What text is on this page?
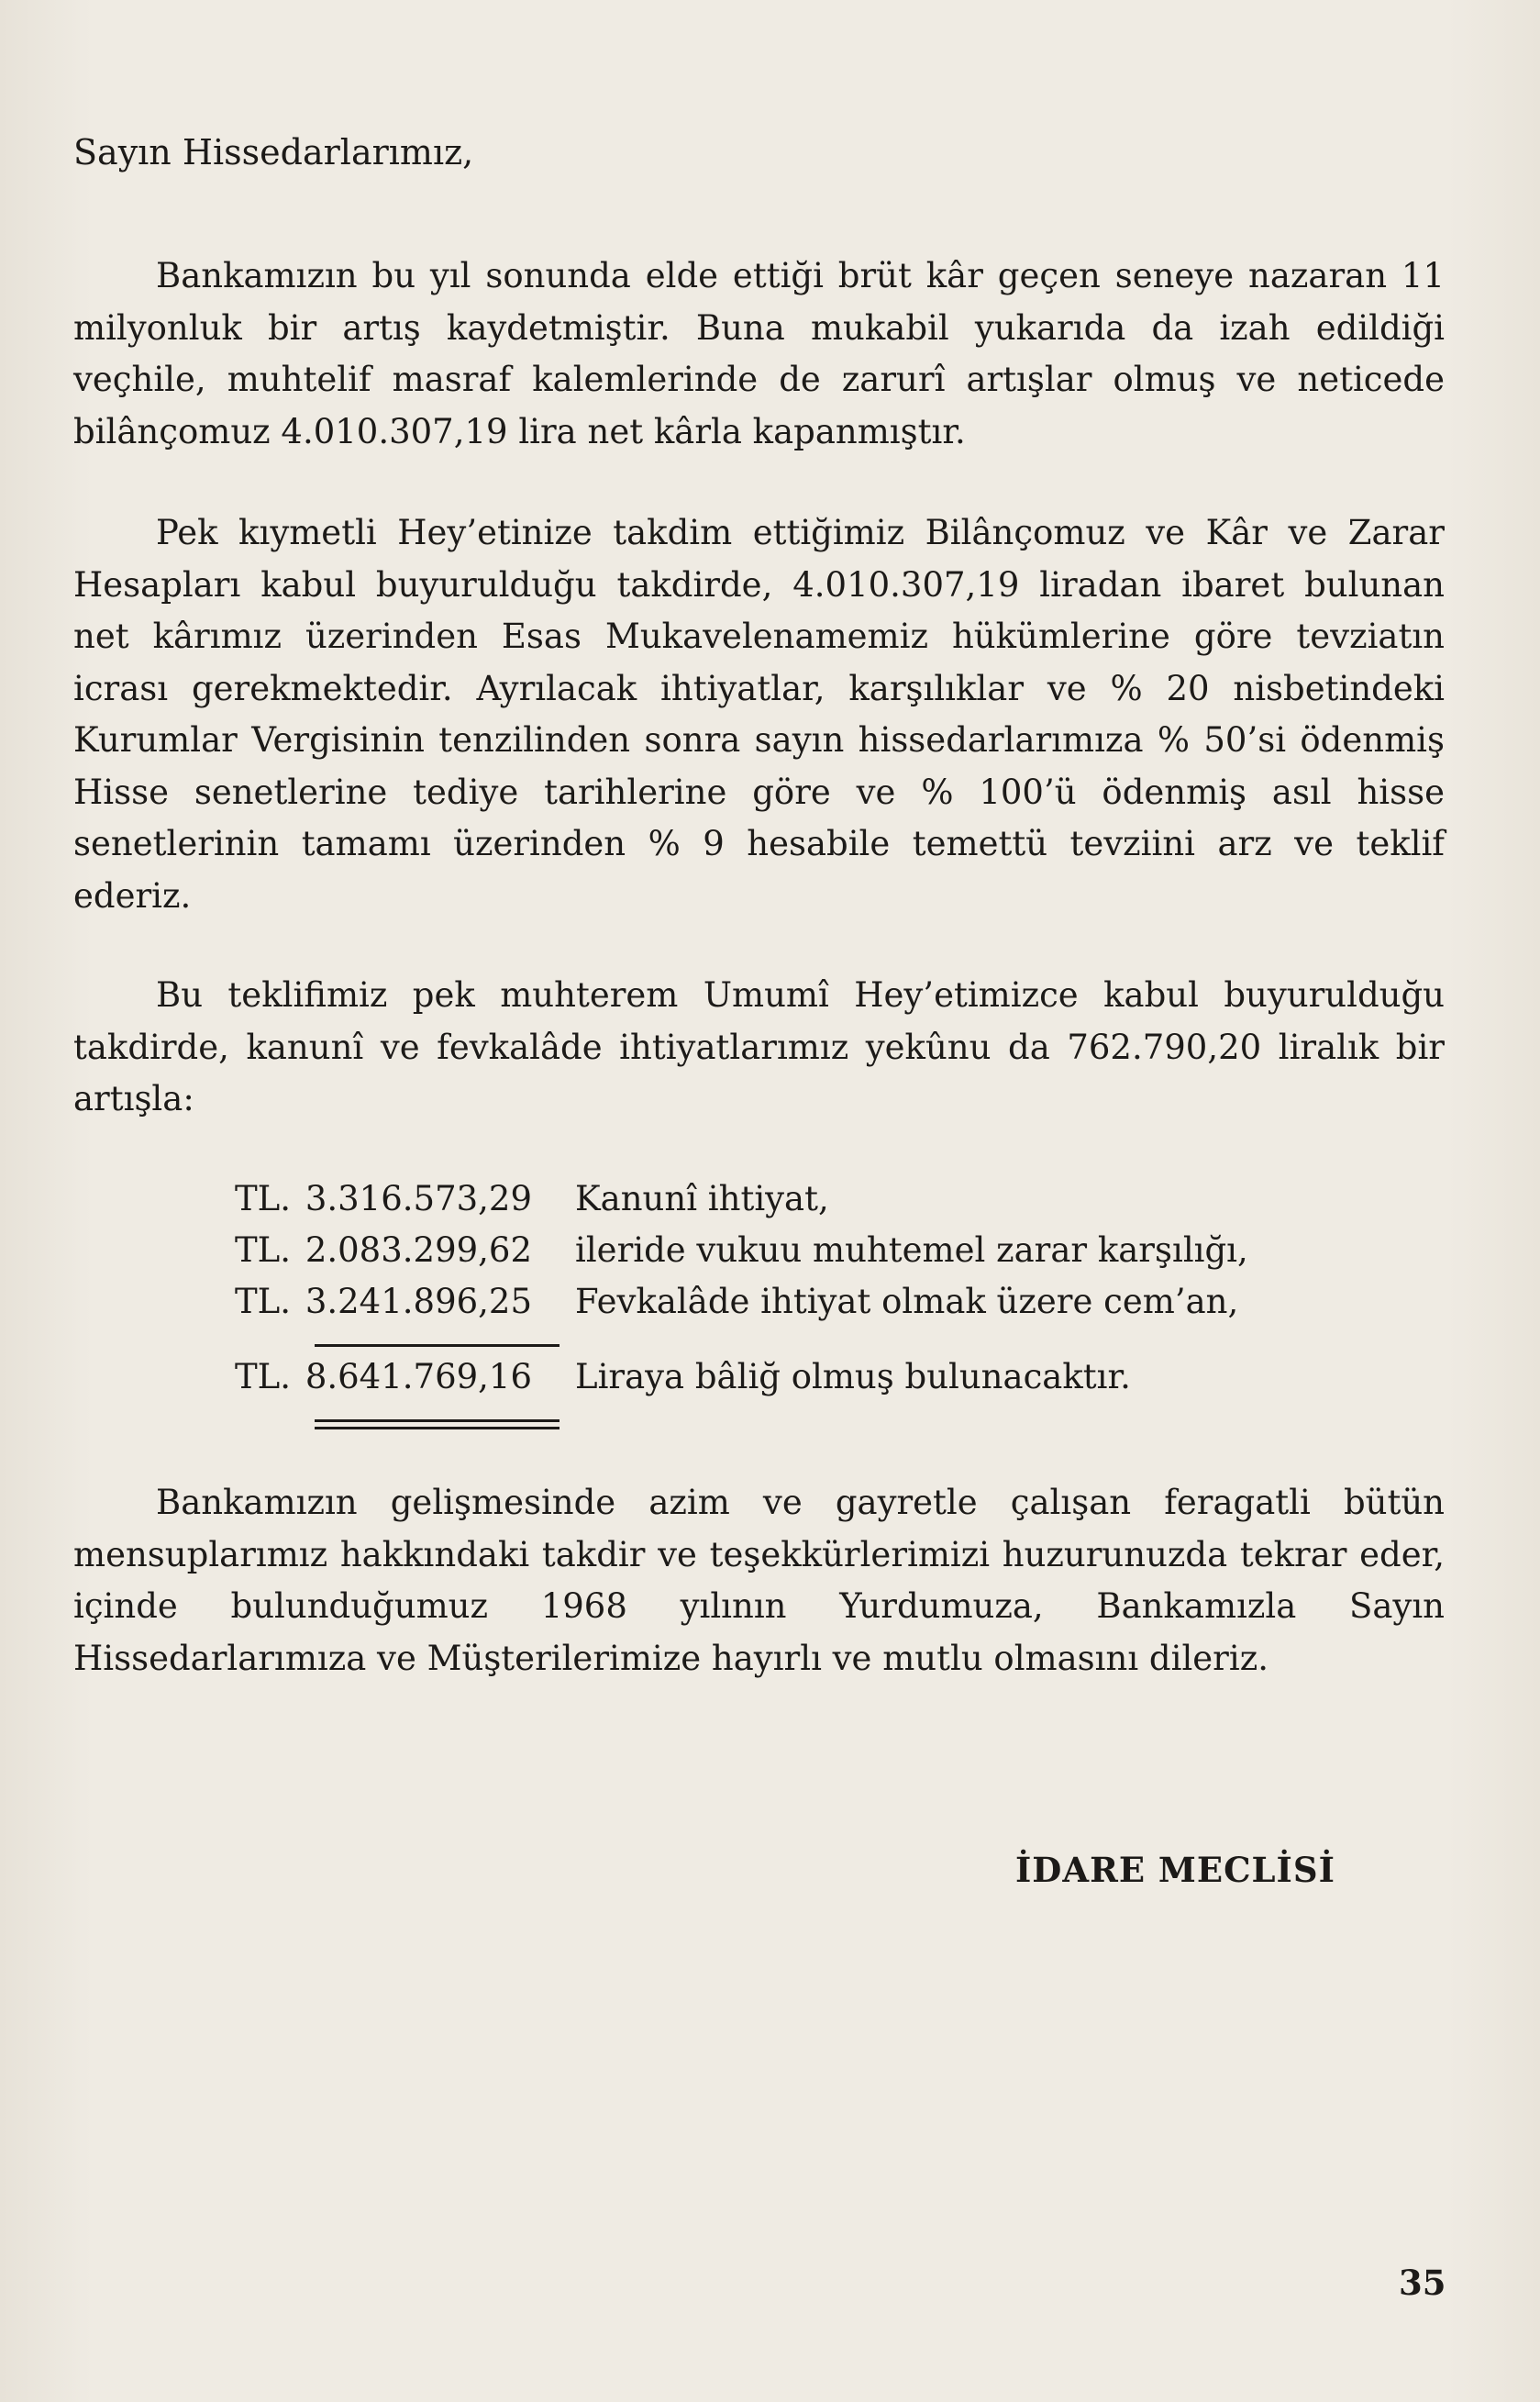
Sayın Hissedarlarımız,

Bankamızın bu yıl sonunda elde ettiği brüt kâr geçen seneye nazaran 11 milyonluk bir artış kaydetmiştir. Buna mukabil yukarıda da izah edildiği veçhile, muhtelif masraf kalemlerinde de zarurî artışlar olmuş ve neticede bilânçomuz 4.010.307,19 lira net kârla kapanmıştır.

Pek kıymetli Hey’etinize takdim ettiğimiz Bilânçomuz ve Kâr ve Zarar Hesapları kabul buyurulduğu takdirde, 4.010.307,19 liradan ibaret bulunan net kârımız üzerinden Esas Mukavelenamemiz hükümlerine göre tevziatın icrası gerekmektedir. Ayrılacak ihtiyatlar, karşılıklar ve % 20 nisbetindeki Kurumlar Vergisinin tenzilinden sonra sayın hissedarlarımıza % 50’si ödenmiş Hisse senetlerine tediye tarihlerine göre ve % 100’ü ödenmiş asıl hisse senetlerinin tamamı üzerinden % 9 hesabile temettü tevziini arz ve teklif ederiz.

Bu teklifimiz pek muhterem Umumî Hey’etimizce kabul buyurulduğu takdirde, kanunî ve fevkalâde ihtiyatlarımız yekûnu da 762.790,20 liralık bir artışla:

TL. 3.316.573,29 Kanunî ihtiyat,
TL. 2.083.299,62 ileride vukuu muhtemel zarar karşılığı,
TL. 3.241.896,25 Fevkalâde ihtiyat olmak üzere cem’an,
TL. 8.641.769,16 Liraya bâliğ olmuş bulunacaktır.

Bankamızın gelişmesinde azim ve gayretle çalışan feragatli bütün mensuplarımız hakkındaki takdir ve teşekkürlerimizi huzurunuzda tekrar eder, içinde bulunduğumuz 1968 yılının Yurdumuza, Bankamızla Sayın Hissedarlarımıza ve Müşterilerimize hayırlı ve mutlu olmasını dileriz.

İDARE MECLİSİ

35
